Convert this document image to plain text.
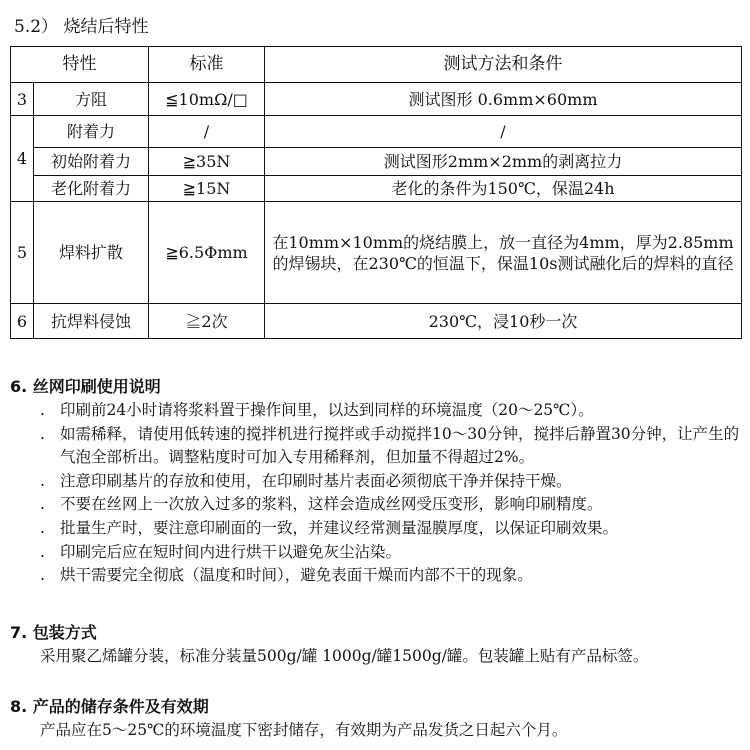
5.2） 烧结后特性
特性		标准	测试方法和条件
3	方阻	≦10mΩ/□	测试图形 0.6mm×60mm
4	附着力	/	/
	初始附着力	≧35N	测试图形2mm×2mm的剥离拉力
	老化附着力	≧15N	老化的条件为150℃，保温24h
5	焊料扩散	≧6.5Φmm	在10mm×10mm的烧结膜上，放一直径为4mm，厚为2.85mm的焊锡块，在230℃的恒温下，保温10s测试融化后的焊料的直径
6	抗焊料侵蚀	≧2次	230℃，浸10秒一次
6. 丝网印刷使用说明
. 印刷前24小时请将浆料置于操作间里，以达到同样的环境温度（20～25℃）。
. 如需稀释，请使用低转速的搅拌机进行搅拌或手动搅拌10～30分钟，搅拌后静置30分钟，让产生的气泡全部析出。调整粘度时可加入专用稀释剂，但加量不得超过2%。
. 注意印刷基片的存放和使用，在印刷时基片表面必须彻底干净并保持干燥。
. 不要在丝网上一次放入过多的浆料，这样会造成丝网受压变形，影响印刷精度。
. 批量生产时，要注意印刷面的一致，并建议经常测量湿膜厚度，以保证印刷效果。
. 印刷完后应在短时间内进行烘干以避免灰尘沾染。
. 烘干需要完全彻底（温度和时间），避免表面干燥而内部不干的现象。
7. 包装方式

采用聚乙烯罐分装，标准分装量500g/罐 1000g/罐1500g/罐。包装罐上贴有产品标签。

8. 产品的储存条件及有效期

产品应在5～25℃的环境温度下密封储存，有效期为产品发货之日起六个月。
